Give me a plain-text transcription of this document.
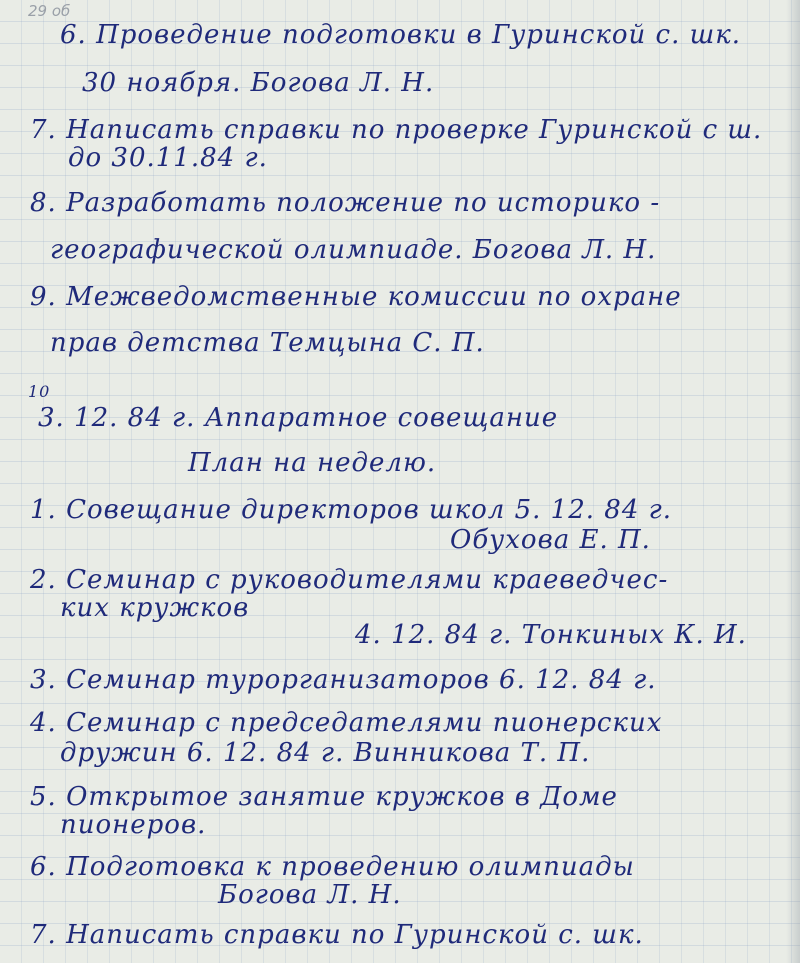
29 об
6. Проведение подготовки в Гуринской с. шк.
30 ноября. Богова Л. Н.
7. Написать справки по проверке Гуринской с ш.
до 30.11.84 г.
8. Разработать положение по историко -
географической олимпиаде. Богова Л. Н.
9. Межведомственные комиссии по охране
прав детства Темцына С. П.
10
3. 12. 84 г. Аппаратное совещание
План на неделю.
1. Совещание директоров школ 5. 12. 84 г.
Обухова Е. П.
2. Семинар с руководителями краеведчес-
ких кружков
4. 12. 84 г. Тонкиных К. И.
3. Семинар турорганизаторов 6. 12. 84 г.
4. Семинар с председателями пионерских
дружин 6. 12. 84 г. Винникова Т. П.
5. Открытое занятие кружков в Доме
пионеров.
6. Подготовка к проведению олимпиады
Богова Л. Н.
7. Написать справки по Гуринской с. шк.
